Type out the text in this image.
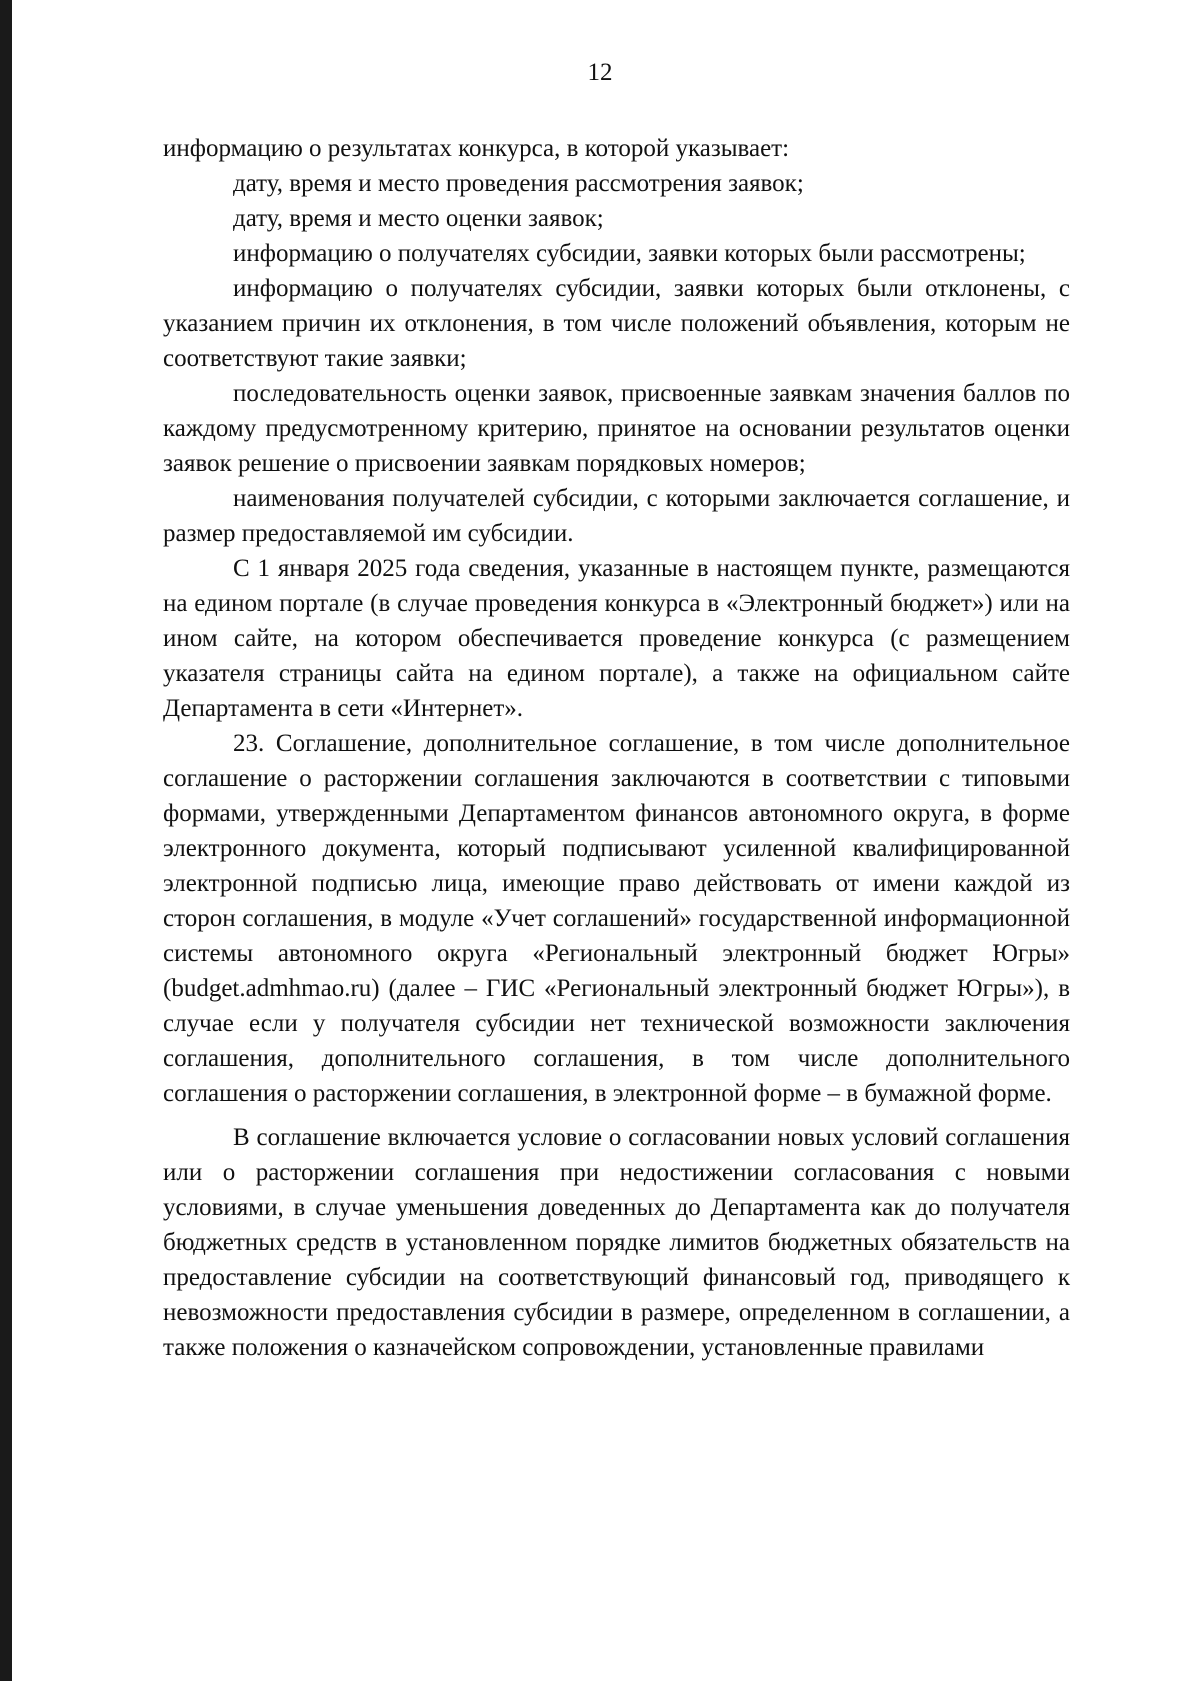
12

информацию о результатах конкурса, в которой указывает:

дату, время и место проведения рассмотрения заявок;

дату, время и место оценки заявок;

информацию о получателях субсидии, заявки которых были рассмотрены;

информацию о получателях субсидии, заявки которых были отклонены, с указанием причин их отклонения, в том числе положений объявления, которым не соответствуют такие заявки;

последовательность оценки заявок, присвоенные заявкам значения баллов по каждому предусмотренному критерию, принятое на основании результатов оценки заявок решение о присвоении заявкам порядковых номеров;

наименования получателей субсидии, с которыми заключается соглашение, и размер предоставляемой им субсидии.

С 1 января 2025 года сведения, указанные в настоящем пункте, размещаются на едином портале (в случае проведения конкурса в «Электронный бюджет») или на ином сайте, на котором обеспечивается проведение конкурса (с размещением указателя страницы сайта на едином портале), а также на официальном сайте Департамента в сети «Интернет».

23. Соглашение, дополнительное соглашение, в том числе дополнительное соглашение о расторжении соглашения заключаются в соответствии с типовыми формами, утвержденными Департаментом финансов автономного округа, в форме электронного документа, который подписывают усиленной квалифицированной электронной подписью лица, имеющие право действовать от имени каждой из сторон соглашения, в модуле «Учет соглашений» государственной информационной системы автономного округа «Региональный электронный бюджет Югры» (budget.admhmao.ru) (далее – ГИС «Региональный электронный бюджет Югры»), в случае если у получателя субсидии нет технической возможности заключения соглашения, дополнительного соглашения, в том числе дополнительного соглашения о расторжении соглашения, в электронной форме – в бумажной форме.

В соглашение включается условие о согласовании новых условий соглашения или о расторжении соглашения при недостижении согласования с новыми условиями, в случае уменьшения доведенных до Департамента как до получателя бюджетных средств в установленном порядке лимитов бюджетных обязательств на предоставление субсидии на соответствующий финансовый год, приводящего к невозможности предоставления субсидии в размере, определенном в соглашении, а также положения о казначейском сопровождении, установленные правилами
